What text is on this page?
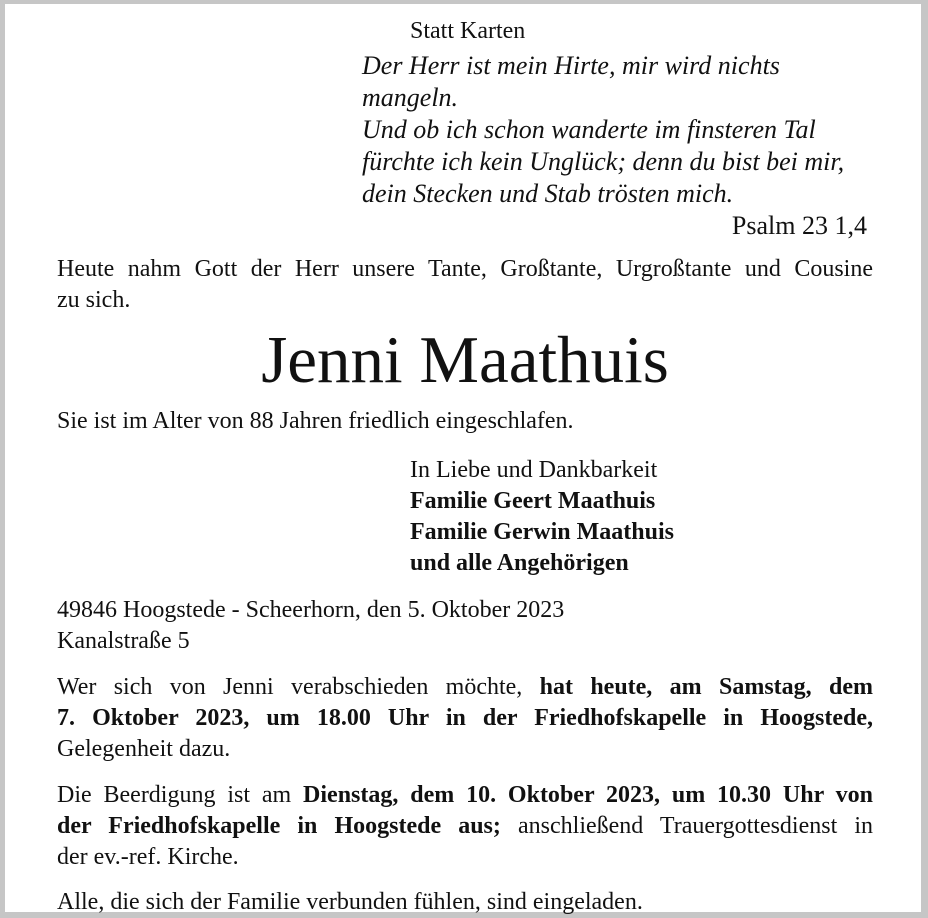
Statt Karten
Der Herr ist mein Hirte, mir wird nichts mangeln.
Und ob ich schon wanderte im finsteren Tal
fürchte ich kein Unglück; denn du bist bei mir,
dein Stecken und Stab trösten mich.
Psalm 23 1,4

Heute nahm Gott der Herr unsere Tante, Großtante, Urgroßtante und Cousine
zu sich.

Jenni Maathuis

Sie ist im Alter von 88 Jahren friedlich eingeschlafen.

In Liebe und Dankbarkeit
Familie Geert Maathuis
Familie Gerwin Maathuis
und alle Angehörigen
49846 Hoogstede - Scheerhorn, den 5. Oktober 2023
Kanalstraße 5

Wer sich von Jenni verabschieden möchte, hat heute, am Samstag, dem
7. Oktober 2023, um 18.00 Uhr in der Friedhofskapelle in Hoogstede,
Gelegenheit dazu.

Die Beerdigung ist am Dienstag, dem 10. Oktober 2023, um 10.30 Uhr von
der Friedhofskapelle in Hoogstede aus; anschließend Trauergottesdienst in
der ev.-ref. Kirche.

Alle, die sich der Familie verbunden fühlen, sind eingeladen.
